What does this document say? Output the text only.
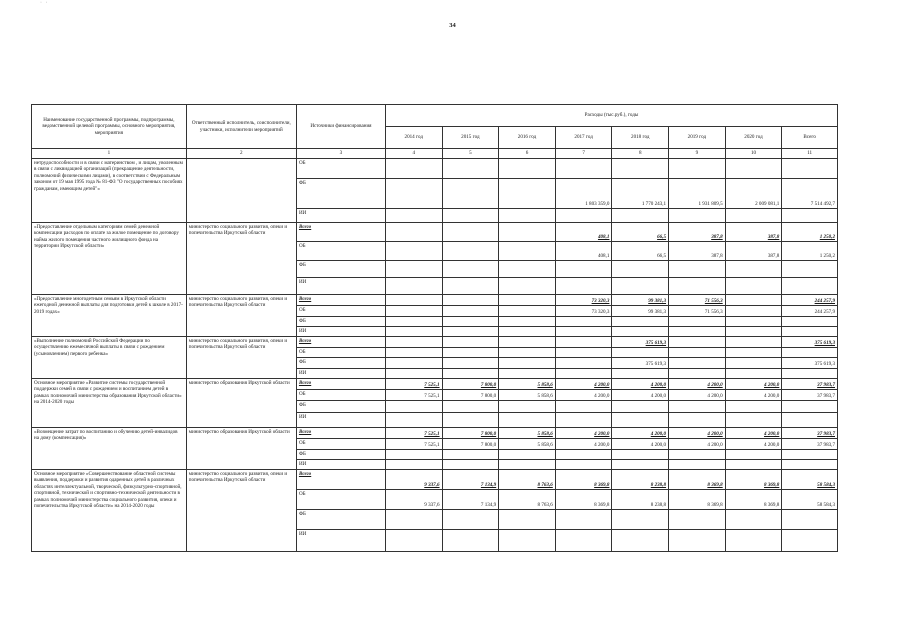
· ·
34
Наименование государственной программы, подпрограммы, ведомственной целевой программы, основного мероприятия, мероприятия	Ответственный исполнитель, соисполнители, участники, исполнители мероприятий	Источники финансирования	Расходы (тыс.руб.), годы							
			2014 год	2015 год	2016 год	2017 год	2018 год	2019 год	2020 год	Всего
1	2	3	4	5	6	7	8	9	10	11
нетрудоспособности и в связи с материнством , и лицам, уволенным в связи с ликвидацией организаций (прекращение деятельности, полномочий физическими лицами), в соответствии с Федеральным законом от 19 мая 1995 года № 81-ФЗ "О государственных пособиях гражданам, имеющим детей"»		ОБ								
		ФБ				1 803 359,0	1 770 243,1	1 931 809,5	2 009 081,1	7 514 492,7
		ИИ								
«Предоставление отдельным категориям семей денежной компенсации расходов по оплате за жилое помещение по договору найма жилого помещения частного жилищного фонда на территории Иркутской области»	министерство социального развития, опеки и попечительства Иркутской области	Всего				408,1	66,5	387,8	387,8	1 250,2
		ОБ				408,1	66,5	387,8	387,8	1 250,2
		ФБ								
		ИИ								
«Предоставление многодетным семьям в Иркутской области ежегодной денежной выплаты для подготовки детей к школе в 2017-2019 годах»	министерство социального развития, опеки и попечительства Иркутской области	Всего				73 320,3	99 381,3	71 556,3		244 257,9
		ОБ				73 320,3	99 381,3	71 556,3		244 257,9
		ФБ								
		ИИ								
«Выполнение полномочий Российской Федерации по осуществлению ежемесячной выплаты в связи с рождением (усыновлением) первого ребенка»	министерство социального развития, опеки и попечительства Иркутской области	Всего					375 619,3			375 619,3
		ОБ								
		ФБ					375 619,3			375 619,3
		ИИ								
Основное мероприятие «Развитие системы государственной поддержки семей в связи с рождением и воспитанием детей в рамках полномочий министерства образования Иркутской области» на 2014-2020 годы	министерство образования Иркутской области	Всего	7 525,1	7 800,0	5 858,6	4 200,0	4 200,0	4 200,0	4 200,0	37 983,7
		ОБ	7 525,1	7 800,0	5 858,6	4 200,0	4 200,0	4 200,0	4 200,0	37 983,7
		ФБ								
		ИИ								
«Возмещение затрат по воспитанию и обучению детей-инвалидов на дому (компенсация)»	министерство образования Иркутской области	Всего	7 525,1	7 800,0	5 858,6	4 200,0	4 200,0	4 200,0	4 200,0	37 983,7
		ОБ	7 525,1	7 800,0	5 858,6	4 200,0	4 200,0	4 200,0	4 200,0	37 983,7
		ФБ								
		ИИ								
Основное мероприятие «Совершенствование областной системы выявления, поддержки и развития одаренных детей в различных областях интеллектуальной, творческой, физкультурно-спортивной, спортивной, технической и спортивно-технической деятельности в рамках полномочий министерства социального развития, опеки и попечительства Иркутской области» на 2014-2020 годы	министерство социального развития, опеки и попечительства Иркутской области	Всего	9 337,6	7 134,9	8 763,6	8 369,8	8 238,8	8 369,8	8 369,8	58 584,3
		ОБ	9 337,6	7 134,9	8 763,6	8 369,8	8 238,8	8 369,8	8 369,8	58 584,3
		ФБ								
		ИИ								
